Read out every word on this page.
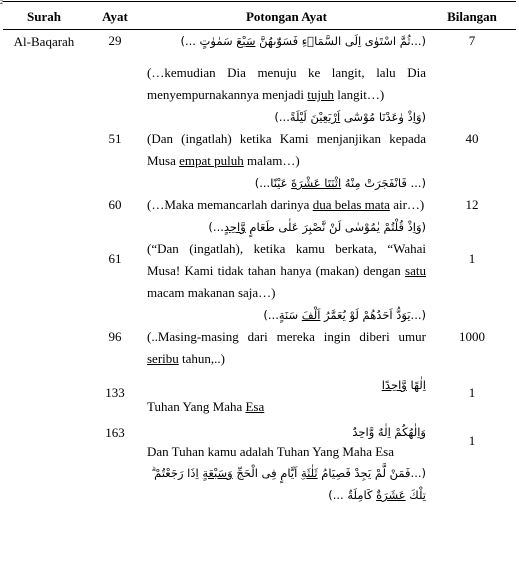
2
Surah	Ayat	Potongan Ayat	Bilangan
Al-Baqarah	29	(...ثُمَّ اسْتَوٰى اِلَى السَّمَاۤءِ فَسَوّٰىهُنَّ سَبْعَ سَمٰوٰتٍ ...)
(…kemudian Dia menuju ke langit, lalu Dia menyempurnakannya menjadi tujuh langit…)	7
	51	(وَاِذْ وٰعَدْنَا مُوْسٰٓى اَرْبَعِيْنَ لَيْلَةً...)
(Dan (ingatlah) ketika Kami menjanjikan kepada Musa empat puluh malam…)	40
	60	(... فَانْفَجَرَتْ مِنْهُ اثْنَتَا عَشْرَةَ عَيْنًا...)
(…Maka memancarlah darinya dua belas mata air…)	12
	61	(وَاِذْ قُلْتُمْ يٰمُوْسٰى لَنْ نَّصْبِرَ عَلٰى طَعَامٍ وَّاحِدٍ...)
(“Dan (ingatlah), ketika kamu berkata, “Wahai Musa! Kami tidak tahan hanya (makan) dengan satu macam makanan saja…)	1
	96	(...يَوَدُّ اَحَدُهُمْ لَوْ يُعَمَّرُ اَلْفَ سَنَةٍ...)
(..Masing-masing dari mereka ingin diberi umur seribu tahun,..)	1000
	133	اِلٰهًا وَّاحِدًا
Tuhan Yang Maha Esa	1
	163	وَاِلٰهُكُمْ اِلٰهٌ وَّاحِدٌ
Dan Tuhan kamu adalah Tuhan Yang Maha Esa
(...فَمَنْ لَّمْ يَجِدْ فَصِيَامُ ثَلٰثَةِ اَيَّامٍ فِى الْحَجِّ وَسَبْعَةٍ اِذَا رَجَعْتُمْ ۗ تِلْكَ عَشَرَةٌ كَامِلَةٌ ...)	1
